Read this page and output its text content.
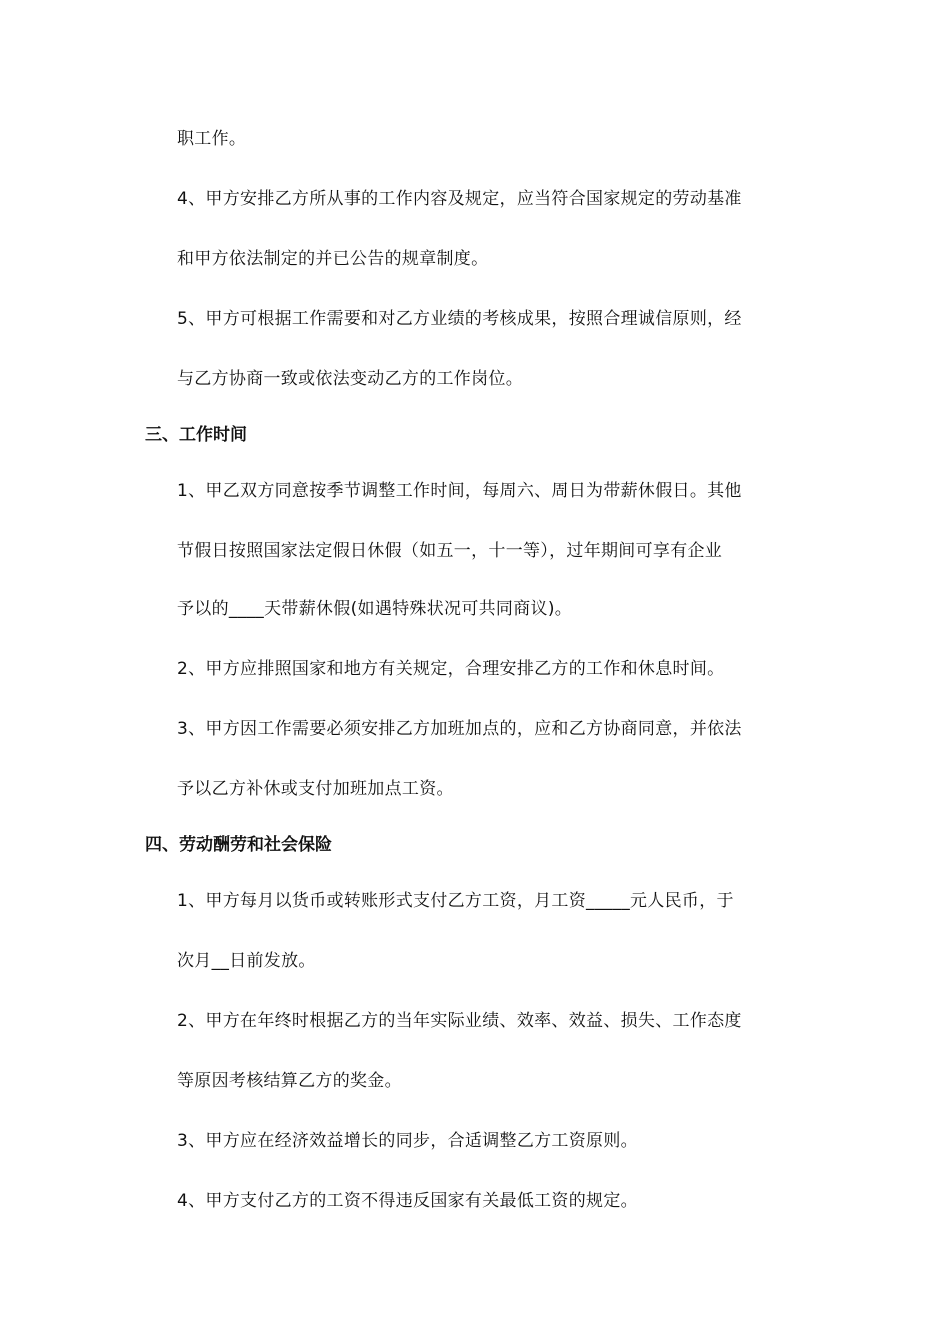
职工作。
4、甲方安排乙方所从事的工作内容及规定，应当符合国家规定的劳动基准
和甲方依法制定的并已公告的规章制度。
5、甲方可根据工作需要和对乙方业绩的考核成果，按照合理诚信原则，经
与乙方协商一致或依法变动乙方的工作岗位。
三、工作时间
1、甲乙双方同意按季节调整工作时间，每周六、周日为带薪休假日。其他
节假日按照国家法定假日休假（如五一，十一等），过年期间可享有企业
予以的____天带薪休假(如遇特殊状况可共同商议)。
2、甲方应排照国家和地方有关规定，合理安排乙方的工作和休息时间。
3、甲方因工作需要必须安排乙方加班加点的，应和乙方协商同意，并依法
予以乙方补休或支付加班加点工资。
四、劳动酬劳和社会保险
1、甲方每月以货币或转账形式支付乙方工资，月工资_____元人民币，于
次月__日前发放。
2、甲方在年终时根据乙方的当年实际业绩、效率、效益、损失、工作态度
等原因考核结算乙方的奖金。
3、甲方应在经济效益增长的同步，合适调整乙方工资原则。
4、甲方支付乙方的工资不得违反国家有关最低工资的规定。
